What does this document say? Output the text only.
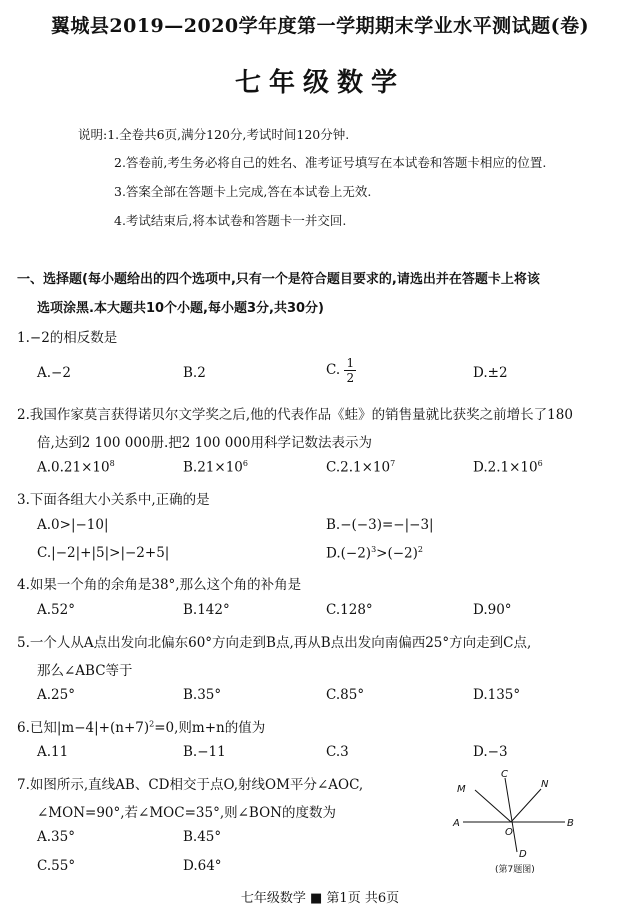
翼城县2019—2020学年度第一学期期末学业水平测试题(卷)
七年级数学
说明:1.全卷共6页,满分120分,考试时间120分钟.
2.答卷前,考生务必将自己的姓名、准考证号填写在本试卷和答题卡相应的位置.
3.答案全部在答题卡上完成,答在本试卷上无效.
4.考试结束后,将本试卷和答题卡一并交回.
一、选择题(每小题给出的四个选项中,只有一个是符合题目要求的,请选出并在答题卡上将该
选项涂黑.本大题共10个小题,每小题3分,共30分)
1.−2的相反数是
A.−2	B.2	C. $\frac{1}{2}$	D.±2
2.我国作家莫言获得诺贝尔文学奖之后,他的代表作品《蛙》的销售量就比获奖之前增长了180
倍,达到2 100 000册.把2 100 000用科学记数法表示为
$A.0.21\times 10^8$	$B.21\times 10^6$	$C.2.1\times 10^7$	$D.2.1\times 10^6$
3.下面各组大小关系中,正确的是
A.0>|−10|	B.−(−3)=−|−3|
C.|−2|+|5|>|−2+5|	$D.(-2)^3>(-2)^2$
4.如果一个角的余角是38°,那么这个角的补角是
A.52°	B.142°	C.128°	D.90°
5.一个人从A点出发向北偏东60°方向走到B点,再从B点出发向南偏西25°方向走到C点,
那么∠ABC等于
A.25°	B.35°	C.85°	D.135°
6.已知$|m-4|+(n+7)^2=0$,则m+n的值为
A.11	B.−11	C.3	D.−3
7.如图所示,直线AB、CD相交于点O,射线OM平分∠AOC,
∠MON=90°,若∠MOC=35°,则∠BON的度数为
A.35°	B.45°
C.55°	D.64°
M
C
N
A
O
B
D
(第7题图)
七年级数学 ■ 第1页 共6页
